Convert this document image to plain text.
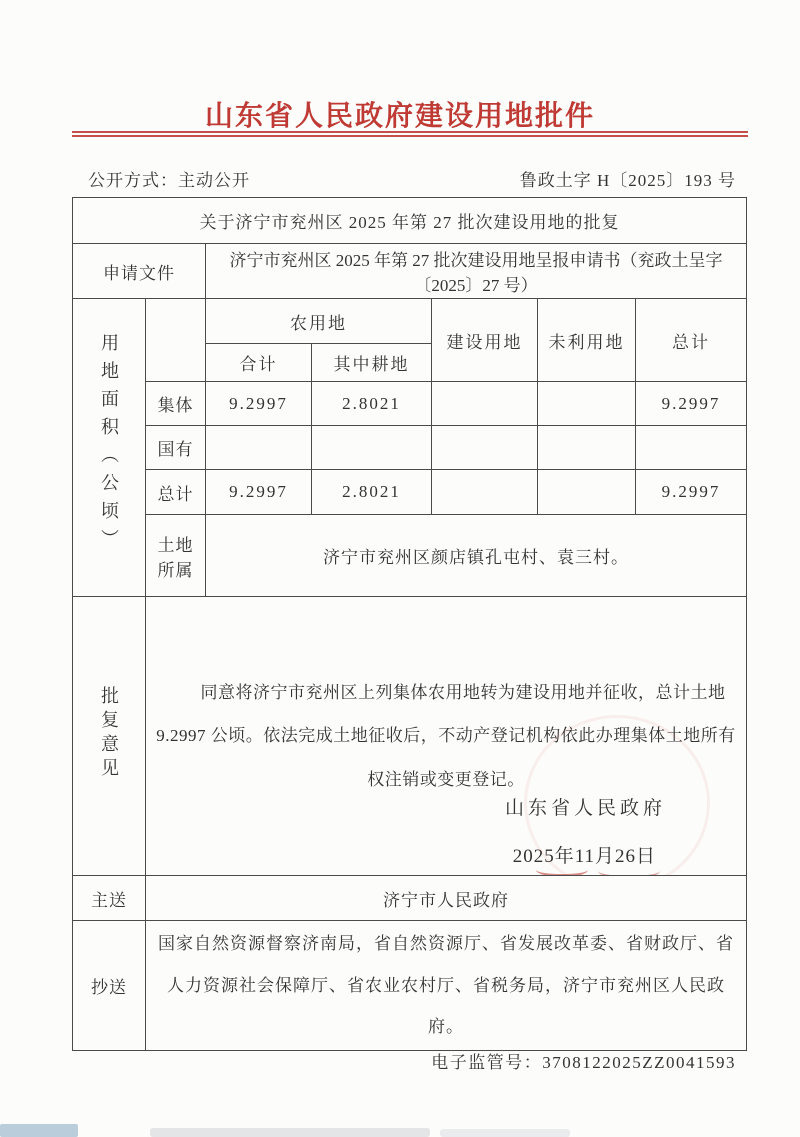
山东省人民政府建设用地批件
公开方式：主动公开	鲁政土字 H〔2025〕193 号
关于济宁市兖州区 2025 年第 27 批次建设用地的批复						
申请文件		济宁市兖州区 2025 年第 27 批次建设用地呈报申请书（兖政土呈字〔2025〕27 号）				
用地面积（公顷）		农用地		建设用地	未利用地	总计
		合计	其中耕地			
	集体	9.2997	2.8021			9.2997
	国有					
	总计	9.2997	2.8021			9.2997
	土地所属	济宁市兖州区颜店镇孔屯村、袁三村。				
批复意见	同意将济宁市兖州区上列集体农用地转为建设用地并征收，总计土地 9.2997 公顷。依法完成土地征收后，不动产登记机构依此办理集体土地所有权注销或变更登记。

山东省人民政府
2025年11月26日					

主送	济宁市人民政府					
抄送	国家自然资源督察济南局，省自然资源厅、省发展改革委、省财政厅、省人力资源社会保障厅、省农业农村厅、省税务局，济宁市兖州区人民政府。					
电子监管号：3708122025ZZ0041593
